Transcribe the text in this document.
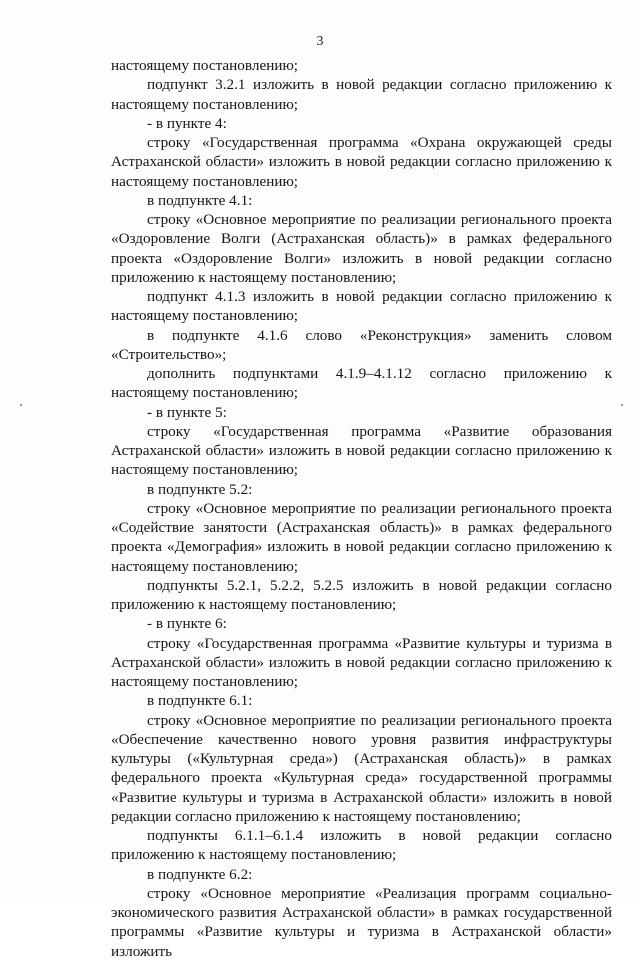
3

настоящему постановлению;

подпункт 3.2.1 изложить в новой редакции согласно приложению к настоящему постановлению;

- в пункте 4:

строку «Государственная программа «Охрана окружающей среды Астраханской области» изложить в новой редакции согласно приложению к настоящему постановлению;

в подпункте 4.1:

строку «Основное мероприятие по реализации регионального проекта «Оздоровление Волги (Астраханская область)» в рамках федерального проекта «Оздоровление Волги» изложить в новой редакции согласно приложению к настоящему постановлению;

подпункт 4.1.3 изложить в новой редакции согласно приложению к настоящему постановлению;

в подпункте 4.1.6 слово «Реконструкция» заменить словом «Строительство»;

дополнить подпунктами 4.1.9–4.1.12 согласно приложению к настоящему постановлению;

- в пункте 5:

строку «Государственная программа «Развитие образования Астраханской области» изложить в новой редакции согласно приложению к настоящему постановлению;

в подпункте 5.2:

строку «Основное мероприятие по реализации регионального проекта «Содействие занятости (Астраханская область)» в рамках федерального проекта «Демография» изложить в новой редакции согласно приложению к настоящему постановлению;

подпункты 5.2.1, 5.2.2, 5.2.5 изложить в новой редакции согласно приложению к настоящему постановлению;

- в пункте 6:

строку «Государственная программа «Развитие культуры и туризма в Астраханской области» изложить в новой редакции согласно приложению к настоящему постановлению;

в подпункте 6.1:

строку «Основное мероприятие по реализации регионального проекта «Обеспечение качественно нового уровня развития инфраструктуры культуры («Культурная среда») (Астраханская область)» в рамках федерального проекта «Культурная среда» государственной программы «Развитие культуры и туризма в Астраханской области» изложить в новой редакции согласно приложению к настоящему постановлению;

подпункты 6.1.1–6.1.4 изложить в новой редакции согласно приложению к настоящему постановлению;

в подпункте 6.2:

строку «Основное мероприятие «Реализация программ социально-экономического развития Астраханской области» в рамках государственной программы «Развитие культуры и туризма в Астраханской области» изложить
